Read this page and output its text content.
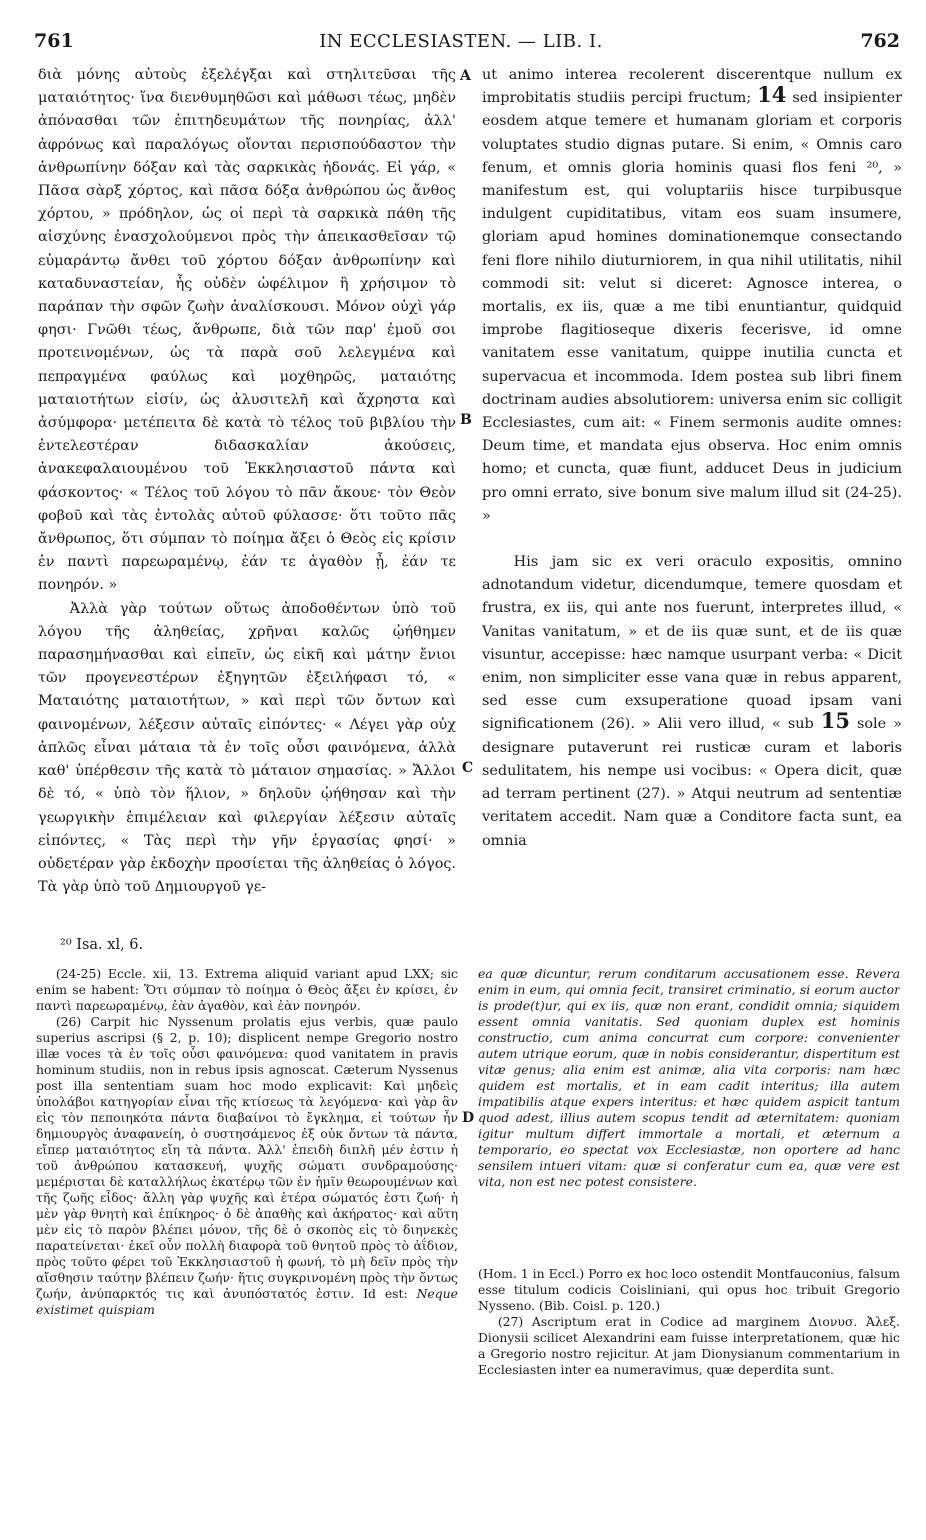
761	IN ECCLESIASTEN. — LIB. I.	762
A
B
C
D

διὰ μόνης αὐτοὺς ἐξελέγξαι καὶ στηλιτεῦσαι τῆς ματαιότητος· ἵνα διενθυμηθῶσι καὶ μάθωσι τέως, μηδὲν ἀπόνασθαι τῶν ἐπιτηδευμάτων τῆς πονηρίας, ἀλλ' ἀφρόνως καὶ παραλόγως οἴονται περισπούδαστον τὴν ἀνθρωπίνην δόξαν καὶ τὰς σαρκικὰς ἡδονάς. Εἰ γάρ, « Πᾶσα σὰρξ χόρτος, καὶ πᾶσα δόξα ἀνθρώπου ὡς ἄνθος χόρτου, » πρόδηλον, ὡς οἱ περὶ τὰ σαρκικὰ πάθη τῆς αἰσχύνης ἐνασχολούμενοι πρὸς τὴν ἀπεικασθεῖσαν τῷ εὐμαράντῳ ἄνθει τοῦ χόρτου δόξαν ἀνθρωπίνην καὶ καταδυναστείαν, ἧς οὐδὲν ὠφέλιμον ἢ χρήσιμον τὸ παράπαν τὴν σφῶν ζωὴν ἀναλίσκουσι. Μόνον οὐχὶ γάρ φησι· Γνῶθι τέως, ἄνθρωπε, διὰ τῶν παρ' ἐμοῦ σοι προτεινομένων, ὡς τὰ παρὰ σοῦ λελεγμένα καὶ πεπραγμένα φαύλως καὶ μοχθηρῶς, ματαιότης ματαιοτήτων εἰσίν, ὡς ἀλυσιτελῆ καὶ ἄχρηστα καὶ ἀσύμφορα· μετέπειτα δὲ κατὰ τὸ τέλος τοῦ βιβλίου τὴν ἐντελεστέραν διδασκαλίαν ἀκούσεις, ἀνακεφαλαιουμένου τοῦ Ἐκκλησιαστοῦ πάντα καὶ φάσκοντος· « Τέλος τοῦ λόγου τὸ πᾶν ἄκουε· τὸν Θεὸν φοβοῦ καὶ τὰς ἐντολὰς αὐτοῦ φύλασσε· ὅτι τοῦτο πᾶς ἄνθρωπος, ὅτι σύμπαν τὸ ποίημα ἄξει ὁ Θεὸς εἰς κρίσιν ἐν παντὶ παρεωραμένῳ, ἐάν τε ἀγαθὸν ᾖ, ἐάν τε πονηρόν. »

Ἀλλὰ γὰρ τούτων οὕτως ἀποδοθέντων ὑπὸ τοῦ λόγου τῆς ἀληθείας, χρῆναι καλῶς ᾠήθημεν παρασημήνασθαι καὶ εἰπεῖν, ὡς εἰκῆ καὶ μάτην ἔνιοι τῶν προγενεστέρων ἐξηγητῶν ἐξειλήφασι τό, « Ματαιότης ματαιοτήτων, » καὶ περὶ τῶν ὄντων καὶ φαινομένων, λέξεσιν αὐταῖς εἰπόντες· « Λέγει γὰρ οὐχ ἁπλῶς εἶναι μάταια τὰ ἐν τοῖς οὖσι φαινόμενα, ἀλλὰ καθ' ὑπέρθεσιν τῆς κατὰ τὸ μάταιον σημασίας. » Ἄλλοι δὲ τό, « ὑπὸ τὸν ἥλιον, » δηλοῦν ᾠήθησαν καὶ τὴν γεωργικὴν ἐπιμέλειαν καὶ φιλεργίαν λέξεσιν αὐταῖς εἰπόντες, « Τὰς περὶ τὴν γῆν ἐργασίας φησί· » οὐδετέραν γὰρ ἐκδοχὴν προσίεται τῆς ἀληθείας ὁ λόγος. Τὰ γὰρ ὑπὸ τοῦ Δημιουργοῦ γε-

ut animo interea recolerent discerentque nullum ex improbitatis studiis percipi fructum; 14 sed insipienter eosdem atque temere et humanam gloriam et corporis voluptates studio dignas putare. Si enim, « Omnis caro fenum, et omnis gloria hominis quasi flos feni ²⁰, » manifestum est, qui voluptariis hisce turpibusque indulgent cupiditatibus, vitam eos suam insumere, gloriam apud homines dominationemque consectando feni flore nihilo diuturniorem, in qua nihil utilitatis, nihil commodi sit: velut si diceret: Agnosce interea, o mortalis, ex iis, quæ a me tibi enuntiantur, quidquid improbe flagitioseque dixeris fecerisve, id omne vanitatem esse vanitatum, quippe inutilia cuncta et supervacua et incommoda. Idem postea sub libri finem doctrinam audies absolutiorem: universa enim sic colligit Ecclesiastes, cum ait: « Finem sermonis audite omnes: Deum time, et mandata ejus observa. Hoc enim omnis homo; et cuncta, quæ fiunt, adducet Deus in judicium pro omni errato, sive bonum sive malum illud sit (24-25). »

His jam sic ex veri oraculo expositis, omnino adnotandum videtur, dicendumque, temere quosdam et frustra, ex iis, qui ante nos fuerunt, interpretes illud, « Vanitas vanitatum, » et de iis quæ sunt, et de iis quæ visuntur, accepisse: hæc namque usurpant verba: « Dicit enim, non simpliciter esse vana quæ in rebus apparent, sed esse cum exsuperatione quoad ipsam vani significationem (26). » Alii vero illud, « sub 15 sole » designare putaverunt rei rusticæ curam et laboris sedulitatem, his nempe usi vocibus: « Opera dicit, quæ ad terram pertinent (27). » Atqui neutrum ad sententiæ veritatem accedit. Nam quæ a Conditore facta sunt, ea omnia

²⁰ Isa. xl, 6.

(24-25) Eccle. xii, 13. Extrema aliquid variant apud LXX; sic enim se habent: Ὅτι σύμπαν τὸ ποίημα ὁ Θεὸς ἄξει ἐν κρίσει, ἐν παντὶ παρεωραμένῳ, ἐὰν ἀγαθὸν, καὶ ἐὰν πονηρόν.

(26) Carpit hic Nyssenum prolatis ejus verbis, quæ paulo superius ascripsi (§ 2, p. 10); displicent nempe Gregorio nostro illæ voces τὰ ἐν τοῖς οὖσι φαινόμενα: quod vanitatem in pravis hominum studiis, non in rebus ipsis agnoscat. Cæterum Nyssenus post illa sententiam suam hoc modo explicavit: Καὶ μηδεὶς ὑπολάβοι κατηγορίαν εἶναι τῆς κτίσεως τὰ λεγόμενα· καὶ γὰρ ἂν εἰς τὸν πεποιηκότα πάντα διαβαίνοι τὸ ἔγκλημα, εἰ τούτων ἦν δημιουργὸς ἀναφανείη, ὁ συστησάμενος ἐξ οὐκ ὄντων τὰ πάντα, εἴπερ ματαιότητος εἴη τὰ πάντα. Ἀλλ' ἐπειδὴ διπλῆ μέν ἐστιν ἡ τοῦ ἀνθρώπου κατασκευή, ψυχῆς σώματι συνδραμούσης· μεμέρισται δὲ καταλλήλως ἑκατέρῳ τῶν ἐν ἡμῖν θεωρουμένων καὶ τῆς ζωῆς εἶδος· ἄλλη γὰρ ψυχῆς καὶ ἑτέρα σώματός ἐστι ζωή· ἡ μὲν γὰρ θνητὴ καὶ ἐπίκηρος· ὁ δὲ ἀπαθὴς καὶ ἀκήρατος· καὶ αὕτη μὲν εἰς τὸ παρὸν βλέπει μόνον, τῆς δὲ ὁ σκοπὸς εἰς τὸ διηνεκὲς παρατείνεται· ἐκεῖ οὖν πολλὴ διαφορὰ τοῦ θνητοῦ πρὸς τὸ ἀΐδιον, πρὸς τοῦτο φέρει τοῦ Ἐκκλησιαστοῦ ἡ φωνή, τὸ μὴ δεῖν πρὸς τὴν αἴσθησιν ταύτην βλέπειν ζωήν· ἥτις συγκρινομένη πρὸς τὴν ὄντως ζωήν, ἀνύπαρκτός τις καὶ ἀνυπόστατός ἐστιν. Id est: Neque existimet quispiam

ea quæ dicuntur, rerum conditarum accusationem esse. Revera enim in eum, qui omnia fecit, transiret criminatio, si eorum auctor is prode(t)ur, qui ex iis, quæ non erant, condidit omnia; siquidem essent omnia vanitatis. Sed quoniam duplex est hominis constructio, cum anima concurrat cum corpore: convenienter autem utrique eorum, quæ in nobis considerantur, dispertitum est vitæ genus; alia enim est animæ, alia vita corporis: nam hæc quidem est mortalis, et in eam cadit interitus; illa autem impatibilis atque expers interitus: et hæc quidem aspicit tantum quod adest, illius autem scopus tendit ad æternitatem: quoniam igitur multum differt immortale a mortali, et æternum a temporario, eo spectat vox Ecclesiastæ, non oportere ad hanc sensilem intueri vitam: quæ si conferatur cum ea, quæ vere est vita, non est nec potest consistere.

(Hom. 1 in Eccl.) Porro ex hoc loco ostendit Montfauconius, falsum esse titulum codicis Coisliniani, qui opus hoc tribuit Gregorio Nysseno. (Bib. Coisl. p. 120.)

(27) Ascriptum erat in Codice ad marginem Διονυσ. Ἀλεξ. Dionysii scilicet Alexandrini eam fuisse interpretationem, quæ hic a Gregorio nostro rejicitur. At jam Dionysianum commentarium in Ecclesiasten inter ea numeravimus, quæ deperdita sunt.
